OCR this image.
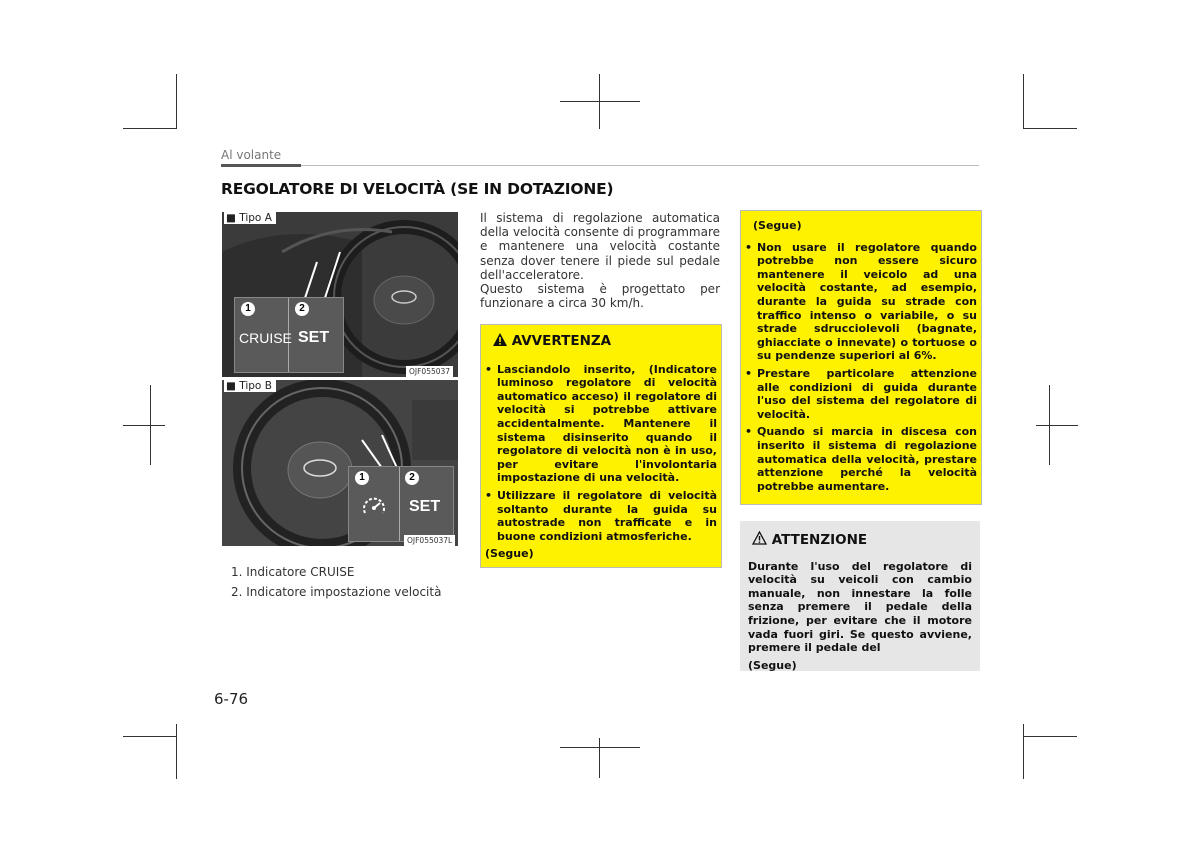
Al volante
REGOLATORE DI VELOCITÀ (SE IN DOTAZIONE)
■ Tipo A
1	2
CRUISE SET
OJF055037
■ Tipo B
1	2
SET
OJF055037L
1. Indicatore CRUISE
2. Indicatore impostazione velocità
Il sistema di regolazione automatica della velocità consente di programmare e mantenere una velocità costante senza dover tenere il piede sul pedale dell'acceleratore.
Questo sistema è progettato per funzionare a circa 30 km/h.
AVVERTENZA
• Lasciandolo inserito, (Indicatore luminoso regolatore di velocità automatico acceso) il regolatore di velocità si potrebbe attivare accidentalmente. Mantenere il sistema disinserito quando il regolatore di velocità non è in uso, per evitare l'involontaria impostazione di una velocità.
• Utilizzare il regolatore di velocità soltanto durante la guida su autostrade non trafficate e in buone condizioni atmosferiche.
(Segue)
(Segue)
• Non usare il regolatore quando potrebbe non essere sicuro mantenere il veicolo ad una velocità costante, ad esempio, durante la guida su strade con traffico intenso o variabile, o su strade sdrucciolevoli (bagnate, ghiacciate o innevate) o tortuose o su pendenze superiori al 6%.
• Prestare particolare attenzione alle condizioni di guida durante l'uso del sistema del regolatore di velocità.
• Quando si marcia in discesa con inserito il sistema di regolazione automatica della velocità, prestare attenzione perché la velocità potrebbe aumentare.
ATTENZIONE
Durante l'uso del regolatore di velocità su veicoli con cambio manuale, non innestare la folle senza premere il pedale della frizione, per evitare che il motore vada fuori giri. Se questo avviene, premere il pedale del
(Segue)
6-76
